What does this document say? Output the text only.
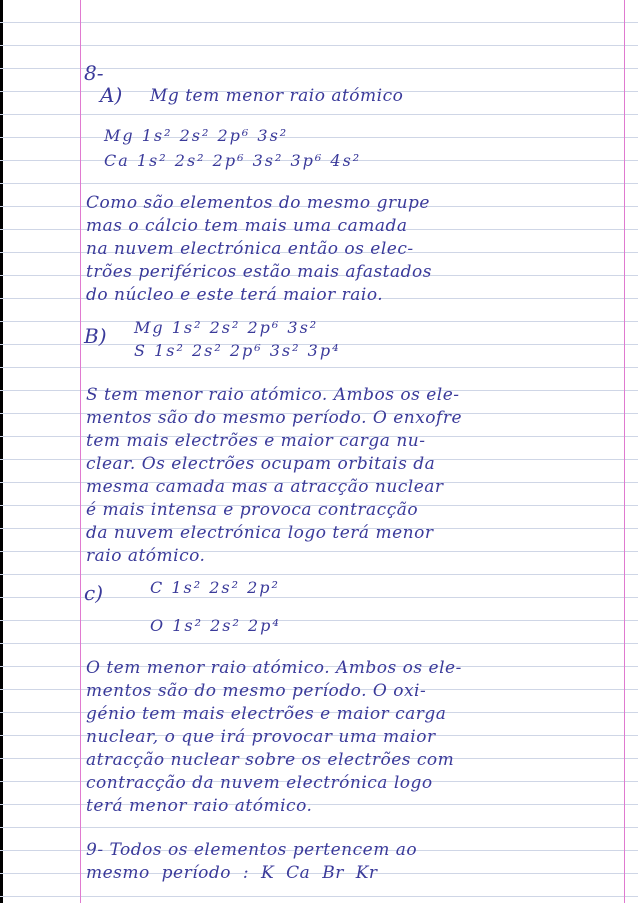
8-
A) Mg tem menor raio atómico
Mg 1s² 2s² 2p⁶ 3s²
Ca 1s² 2s² 2p⁶ 3s² 3p⁶ 4s²
Como são elementos do mesmo grupe
mas o cálcio tem mais uma camada
na nuvem electrónica então os elec-
trões periféricos estão mais afastados
do núcleo e este terá maior raio.
B) Mg 1s² 2s² 2p⁶ 3s²
S 1s² 2s² 2p⁶ 3s² 3p⁴
S tem menor raio atómico. Ambos os ele-
mentos são do mesmo período. O enxofre
tem mais electrões e maior carga nu-
clear. Os electrões ocupam orbitais da
mesma camada mas a atracção nuclear
é mais intensa e provoca contracção
da nuvem electrónica logo terá menor
raio atómico.
c)	C 1s² 2s² 2p²
O 1s² 2s² 2p⁴
O tem menor raio atómico. Ambos os ele-
mentos são do mesmo período. O oxi-
génio tem mais electrões e maior carga
nuclear, o que irá provocar uma maior
atracção nuclear sobre os electrões com
contracção da nuvem electrónica logo
terá menor raio atómico.
9- Todos os elementos pertencem ao
mesmo período : K Ca Br Kr
